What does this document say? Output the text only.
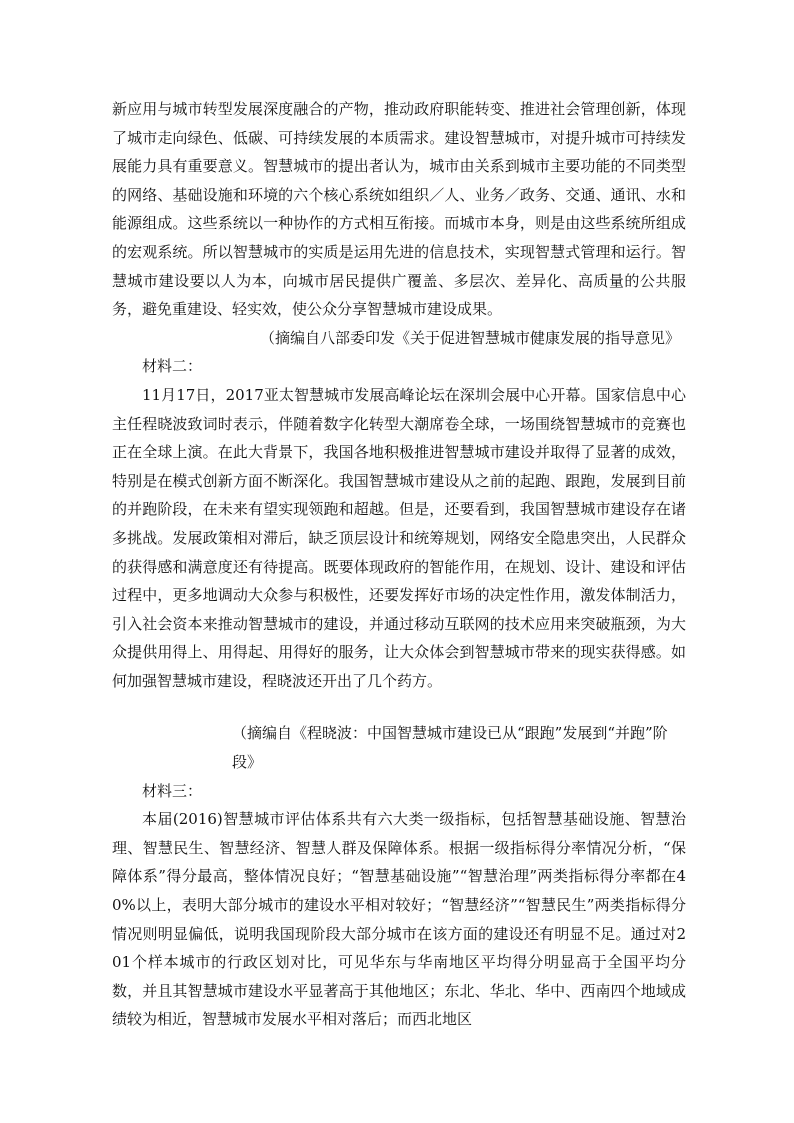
新应用与城市转型发展深度融合的产物，推动政府职能转变、推进社会管理创新，体现了城市走向绿色、低碳、可持续发展的本质需求。建设智慧城市，对提升城市可持续发展能力具有重要意义。智慧城市的提出者认为，城市由关系到城市主要功能的不同类型的网络、基础设施和环境的六个核心系统如组织／人、业务／政务、交通、通讯、水和能源组成。这些系统以一种协作的方式相互衔接。而城市本身，则是由这些系统所组成的宏观系统。所以智慧城市的实质是运用先进的信息技术，实现智慧式管理和运行。智慧城市建设要以人为本，向城市居民提供广覆盖、多层次、差异化、高质量的公共服务，避免重建设、轻实效，使公众分享智慧城市建设成果。

（摘编自八部委印发《关于促进智慧城市健康发展的指导意见》

材料二：

11月17日，2017亚太智慧城市发展高峰论坛在深圳会展中心开幕。国家信息中心主任程晓波致词时表示，伴随着数字化转型大潮席卷全球，一场围绕智慧城市的竞赛也正在全球上演。在此大背景下，我国各地积极推进智慧城市建设并取得了显著的成效，特别是在模式创新方面不断深化。我国智慧城市建设从之前的起跑、跟跑，发展到目前的并跑阶段，在未来有望实现领跑和超越。但是，还要看到，我国智慧城市建设存在诸多挑战。发展政策相对滞后，缺乏顶层设计和统筹规划，网络安全隐患突出，人民群众的获得感和满意度还有待提高。既要体现政府的智能作用，在规划、设计、建设和评估过程中，更多地调动大众参与积极性，还要发挥好市场的决定性作用，激发体制活力，引入社会资本来推动智慧城市的建设，并通过移动互联网的技术应用来突破瓶颈，为大众提供用得上、用得起、用得好的服务，让大众体会到智慧城市带来的现实获得感。如何加强智慧城市建设，程晓波还开出了几个药方。

（摘编自《程晓波：中国智慧城市建设已从“跟跑”发展到“并跑”阶段》

材料三：

本届(2016)智慧城市评估体系共有六大类一级指标，包括智慧基础设施、智慧治理、智慧民生、智慧经济、智慧人群及保障体系。根据一级指标得分率情况分析，“保障体系”得分最高，整体情况良好；“智慧基础设施”“智慧治理”两类指标得分率都在40%以上，表明大部分城市的建设水平相对较好；“智慧经济”“智慧民生”两类指标得分情况则明显偏低，说明我国现阶段大部分城市在该方面的建设还有明显不足。通过对201个样本城市的行政区划对比，可见华东与华南地区平均得分明显高于全国平均分数，并且其智慧城市建设水平显著高于其他地区；东北、华北、华中、西南四个地域成绩较为相近，智慧城市发展水平相对落后；而西北地区
